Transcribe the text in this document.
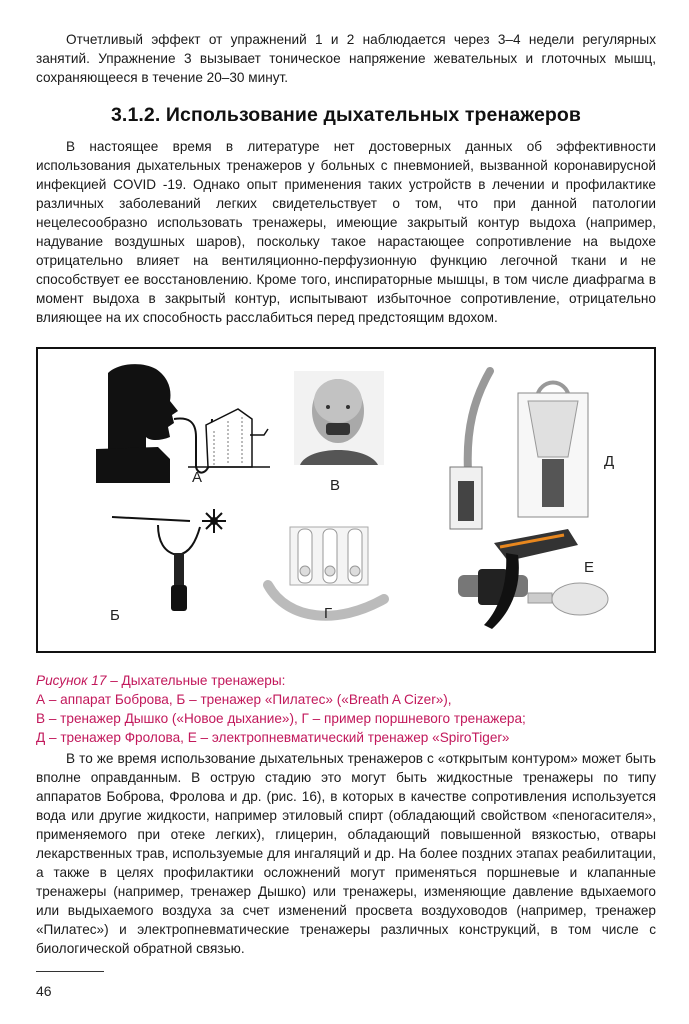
Отчетливый эффект от упражнений 1 и 2 наблюдается через 3–4 недели регулярных занятий. Упражнение 3 вызывает тоническое напряжение жевательных и глоточных мышц, сохраняющееся в течение 20–30 минут.

3.1.2. Использование дыхательных тренажеров

В настоящее время в литературе нет достоверных данных об эффективности использования дыхательных тренажеров у больных с пневмонией, вызванной коронавирусной инфекцией COVID -19. Однако опыт применения таких устройств в лечении и профилактике различных заболеваний легких свидетельствует о том, что при данной патологии нецелесообразно использовать тренажеры, имеющие закрытый контур выдоха (например, надувание воздушных шаров), поскольку такое нарастающее сопротивление на выдохе отрицательно влияет на вентиляционно-перфузионную функцию легочной ткани и не способствует ее восстановлению. Кроме того, инспираторные мышцы, в том числе диафрагма в момент выдоха в закрытый контур, испытывают избыточное сопротивление, отрицательно влияющее на их способность расслабиться перед предстоящим вдохом.

А
Б
В
Г
Д
Е
Рисунок 17 – Дыхательные тренажеры:
А – аппарат Боброва, Б – тренажер «Пилатес» («Breath A Cizer»),
В – тренажер Дышко («Новое дыхание»), Г – пример поршневого тренажера;
Д – тренажер Фролова, Е – электропневматический тренажер «SpiroTiger»

В то же время использование дыхательных тренажеров с «открытым контуром» может быть вполне оправданным. В острую стадию это могут быть жидкостные тренажеры по типу аппаратов Боброва, Фролова и др. (рис. 16), в которых в качестве сопротивления используется вода или другие жидкости, например этиловый спирт (обладающий свойством «пеногасителя», применяемого при отеке легких), глицерин, обладающий повышенной вязкостью, отвары лекарственных трав, используемые для ингаляций и др. На более поздних этапах реабилитации, а также в целях профилактики осложнений могут применяться поршневые и клапанные тренажеры (например, тренажер Дышко) или тренажеры, изменяющие давление вдыхаемого или выдыхаемого воздуха за счет изменений просвета воздуховодов (например, тренажер «Пилатес») и электропневматические тренажеры различных конструкций, в том числе с биологической обратной связью.

46
